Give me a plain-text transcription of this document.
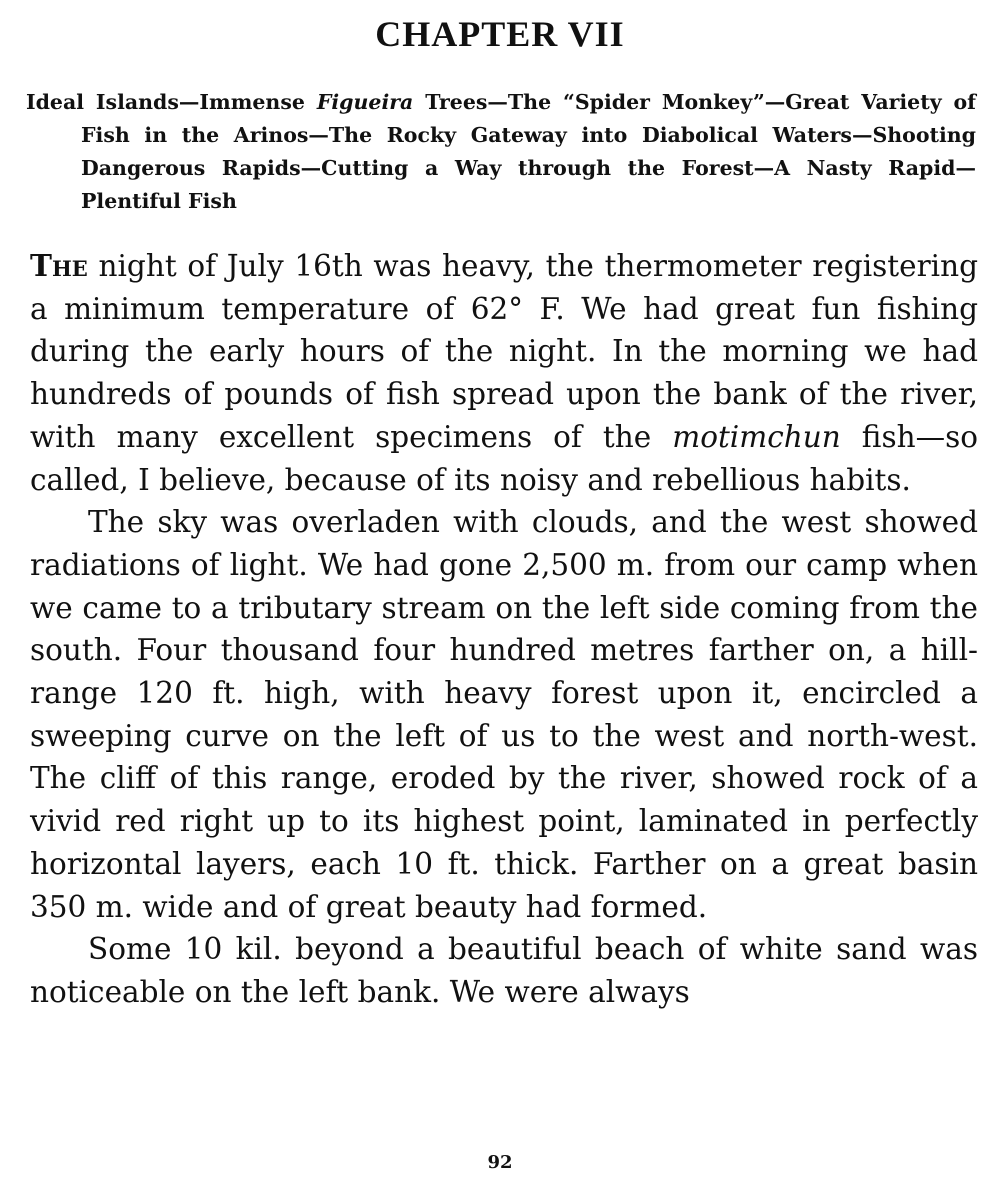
CHAPTER VII

Ideal Islands—Immense Figueira Trees—The “Spider Monkey”—Great Variety of Fish in the Arinos—The Rocky Gateway into Diabolical Waters—Shooting Dangerous Rapids—Cutting a Way through the Forest—A Nasty Rapid—Plentiful Fish

The night of July 16th was heavy, the thermometer registering a minimum temperature of 62° F. We had great fun fishing during the early hours of the night. In the morning we had hundreds of pounds of fish spread upon the bank of the river, with many excellent specimens of the motimchun fish—so called, I believe, because of its noisy and rebellious habits.

The sky was overladen with clouds, and the west showed radiations of light. We had gone 2,500 m. from our camp when we came to a tributary stream on the left side coming from the south. Four thousand four hundred metres farther on, a hill-range 120 ft. high, with heavy forest upon it, encircled a sweeping curve on the left of us to the west and north-west. The cliff of this range, eroded by the river, showed rock of a vivid red right up to its highest point, laminated in perfectly horizontal layers, each 10 ft. thick. Farther on a great basin 350 m. wide and of great beauty had formed.

Some 10 kil. beyond a beautiful beach of white sand was noticeable on the left bank. We were always

92
